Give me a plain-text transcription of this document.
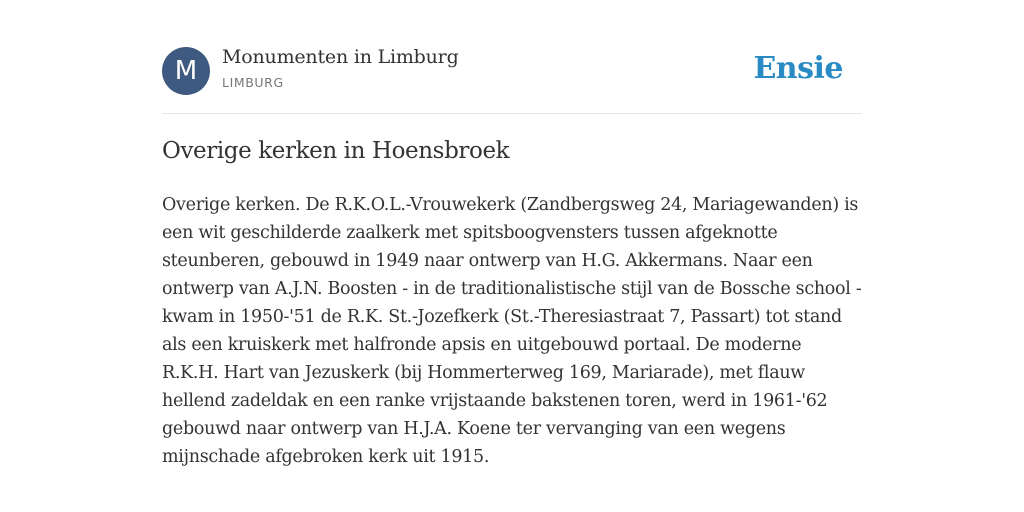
M Monumenten in Limburg
LIMBURG	Ensie
Overige kerken in Hoensbroek

Overige kerken. De R.K.O.L.-Vrouwekerk (Zandbergsweg 24, Mariagewanden) is een wit geschilderde zaalkerk met spitsboogvensters tussen afgeknotte steunberen, gebouwd in 1949 naar ontwerp van H.G. Akkermans. Naar een ontwerp van A.J.N. Boosten - in de traditionalistische stijl van de Bossche school - kwam in 1950-'51 de R.K. St.-Jozefkerk (St.-Theresiastraat 7, Passart) tot stand als een kruiskerk met halfronde apsis en uitgebouwd portaal. De moderne R.K.H. Hart van Jezuskerk (bij Hommerterweg 169, Mariarade), met flauw hellend zadeldak en een ranke vrijstaande bakstenen toren, werd in 1961-'62 gebouwd naar ontwerp van H.J.A. Koene ter vervanging van een wegens mijnschade afgebroken kerk uit 1915.
